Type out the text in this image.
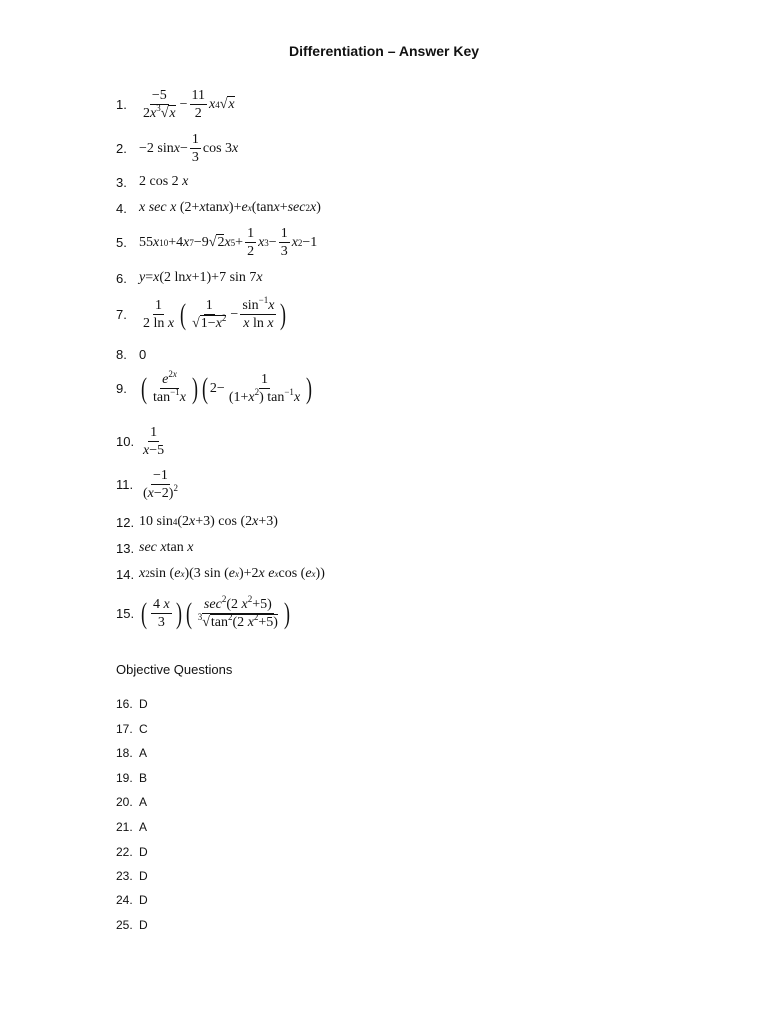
Differentiation – Answer Key
1.	$\frac{-5}{2x^3√x} - \frac{11}{2}$ x 4 √ x
2. −2 $\sin x - \frac{1}{3}$ cos 3 x
3. 2 cos 2
x
4. x sec x (2+ x tan x )+ e x (tan x + sec 2 x )
5. 55 x 10 +4 x 7 −9√ 2 x $5 + \frac{1}{2}$ x $3 - \frac{1}{3}$ x 2 −1
6. y = x (2 ln x +1)+7 sin 7 x
7.	$\frac{1}{\text{2 ln x}}$ ( $\frac{1}{√1-x^2} - \frac{\sin^{-1}x}{\text{x ln x}}$ )
8. 0
9. ( $\frac{e^{2x}}{\tan^{-1}x}$ ) ( $2- \frac{1}{(1+x^2) \tan^{-1}x}$ )
10. $\frac{1}{x-5}$
11. $\frac{-1}{(x-2)^2}$
12. 10 sin 4 (2 x +3) cos (2 x +3)
13. sec x tan
x
14. x 2 sin ( e x )(3 sin ( e x )+2 x e x cos ( e x ))
15. ( $\frac{4 x}{3}$ ) ( $\frac{\sec^2(2 x^2+5)}{^3√\tan^2(2 x^2+5)}$ )
Objective Questions
16. D
17. C
18. A
19. B
20. A
21. A
22. D
23. D
24. D
25. D
